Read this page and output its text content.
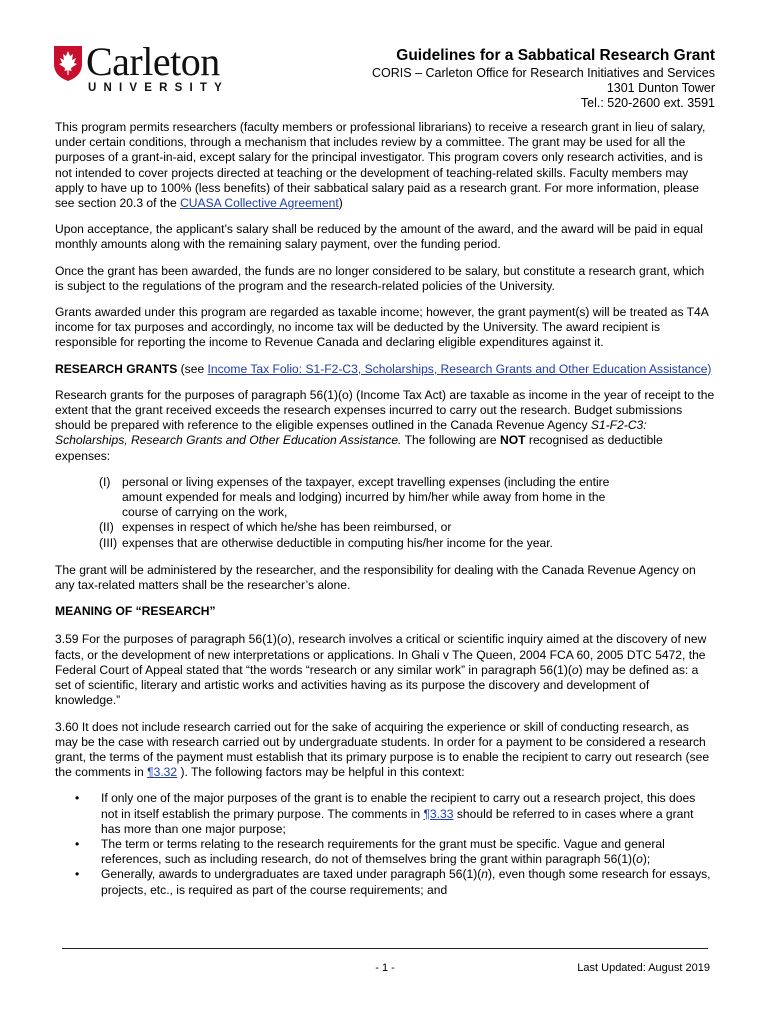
Carleton
UNIVERSITY
Guidelines for a Sabbatical Research Grant
CORIS – Carleton Office for Research Initiatives and Services
1301 Dunton Tower
Tel.: 520-2600 ext. 3591

This program permits researchers (faculty members or professional librarians) to receive a research grant in lieu of salary, under certain conditions, through a mechanism that includes review by a committee. The grant may be used for all the purposes of a grant-in-aid, except salary for the principal investigator. This program covers only research activities, and is not intended to cover projects directed at teaching or the development of teaching-related skills. Faculty members may apply to have up to 100% (less benefits) of their sabbatical salary paid as a research grant. For more information, please see section 20.3 of the CUASA Collective Agreement)

Upon acceptance, the applicant’s salary shall be reduced by the amount of the award, and the award will be paid in equal monthly amounts along with the remaining salary payment, over the funding period.

Once the grant has been awarded, the funds are no longer considered to be salary, but constitute a research grant, which is subject to the regulations of the program and the research-related policies of the University.

Grants awarded under this program are regarded as taxable income; however, the grant payment(s) will be treated as T4A income for tax purposes and accordingly, no income tax will be deducted by the University. The award recipient is responsible for reporting the income to Revenue Canada and declaring eligible expenditures against it.

RESEARCH GRANTS (see Income Tax Folio: S1-F2-C3, Scholarships, Research Grants and Other Education Assistance)

Research grants for the purposes of paragraph 56(1)(o) (Income Tax Act) are taxable as income in the year of receipt to the extent that the grant received exceeds the research expenses incurred to carry out the research. Budget submissions should be prepared with reference to the eligible expenses outlined in the Canada Revenue Agency S1-F2-C3: Scholarships, Research Grants and Other Education Assistance. The following are NOT recognised as deductible expenses:

(I) personal or living expenses of the taxpayer, except travelling expenses (including the entire amount expended for meals and lodging) incurred by him/her while away from home in the course of carrying on the work,
(II) expenses in respect of which he/she has been reimbursed, or
(III) expenses that are otherwise deductible in computing his/her income for the year.

The grant will be administered by the researcher, and the responsibility for dealing with the Canada Revenue Agency on any tax-related matters shall be the researcher’s alone.

MEANING OF “RESEARCH”

3.59 For the purposes of paragraph 56(1)(o), research involves a critical or scientific inquiry aimed at the discovery of new facts, or the development of new interpretations or applications. In Ghali v The Queen, 2004 FCA 60, 2005 DTC 5472, the Federal Court of Appeal stated that “the words “research or any similar work” in paragraph 56(1)(o) may be defined as: a set of scientific, literary and artistic works and activities having as its purpose the discovery and development of knowledge.”

3.60 It does not include research carried out for the sake of acquiring the experience or skill of conducting research, as may be the case with research carried out by undergraduate students. In order for a payment to be considered a research grant, the terms of the payment must establish that its primary purpose is to enable the recipient to carry out research (see the comments in ¶3.32 ). The following factors may be helpful in this context:

• If only one of the major purposes of the grant is to enable the recipient to carry out a research project, this does not in itself establish the primary purpose. The comments in ¶3.33 should be referred to in cases where a grant has more than one major purpose;
• The term or terms relating to the research requirements for the grant must be specific. Vague and general references, such as including research, do not of themselves bring the grant within paragraph 56(1)(o);
• Generally, awards to undergraduates are taxed under paragraph 56(1)(n), even though some research for essays, projects, etc., is required as part of the course requirements; and
- 1 -	Last Updated: August 2019
